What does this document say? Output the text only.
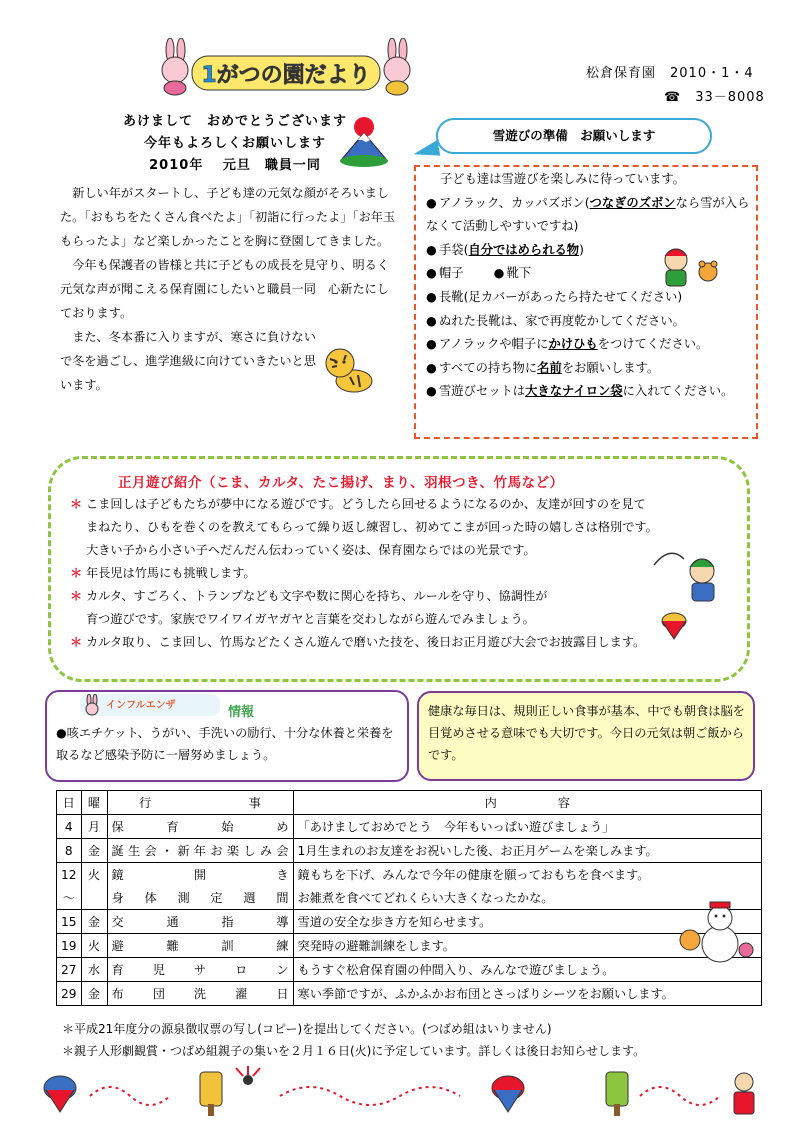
1がつの園だより	松倉保育園　2010・1・4
☎　33－8008
あけまして　おめでとうございます
今年もよろしくお願いします
2010年　 元旦　職員一同

新しい年がスタートし、子ども達の元気な顔がそろいました。「おもちをたくさん食べたよ」「初詣に行ったよ」「お年玉もらったよ」など楽しかったことを胸に登園してきました。

今年も保護者の皆様と共に子どもの成長を見守り、明るく元気な声が聞こえる保育園にしたいと職員一同　心新たにしております。

また、冬本番に入りますが、寒さに負けないで冬を過ごし、進学進級に向けていきたいと思います。

雪遊びの準備　お願いします
子ども達は雪遊びを楽しみに待っています。
● アノラック、カッパズボン(つなぎのズボンなら雪が入らなくて活動しやすいですね)
● 手袋(自分ではめられる物)
● 帽子 ● 靴下
● 長靴(足カバーがあったら持たせてください)
● ぬれた長靴は、家で再度乾かしてください。
● アノラックや帽子にかけひもをつけてください。
● すべての持ち物に名前をお願いします。
● 雪遊びセットは大きなナイロン袋に入れてください。
正月遊び紹介（こま、カルタ、たこ揚げ、まり、羽根つき、竹馬など）
＊ こま回しは子どもたちが夢中になる遊びです。どうしたら回せるようになるのか、友達が回すのを見て
まねたり、ひもを巻くのを教えてもらって繰り返し練習し、初めてこまが回った時の嬉しさは格別です。
大きい子から小さい子へだんだん伝わっていく姿は、保育園ならではの光景です。
＊ 年長児は竹馬にも挑戦します。
＊ カルタ、すごろく、トランプなども文字や数に関心を持ち、ルールを守り、協調性が
育つ遊びです。家族でワイワイガヤガヤと言葉を交わしながら遊んでみましょう。
＊ カルタ取り、こま回し、竹馬などたくさん遊んで磨いた技を、後日お正月遊び大会でお披露目します。
インフルエンザ	情報
●咳エチケット、うがい、手洗いの励行、十分な休養と栄養を取るなど感染予防に一層努めましょう。
健康な毎日は、規則正しい食事が基本、中でも朝食は脳を目覚めさせる意味でも大切です。今日の元気は朝ご飯からです。
日	曜	行　　　　　　　　事	内　　　　　容
4	月	保育始め	「あけましておめでとう　今年もいっぱい遊びましょう」
8	金	誕生会・新年お楽しみ会	1月生まれのお友達をお祝いした後、お正月ゲームを楽しみます。
12	火	鏡開き	鏡もちを下げ、みんなで今年の健康を願っておもちを食べます。
～		身体測定週間	お雑煮を食べてどれくらい大きくなったかな。
15	金	交通指導	雪道の安全な歩き方を知らせます。
19	火	避難訓練	突発時の避難訓練をします。
27	水	育児サロン	もうすぐ松倉保育園の仲間入り、みんなで遊びましょう。
29	金	布団洗濯日	寒い季節ですが、ふかふかお布団とさっぱりシーツをお願いします。
＊平成21年度分の源泉徴収票の写し(コピー)を提出してください。(つばめ組はいりません)
＊親子人形劇観賞・つばめ組親子の集いを２月１６日(火)に予定しています。詳しくは後日お知らせします。
